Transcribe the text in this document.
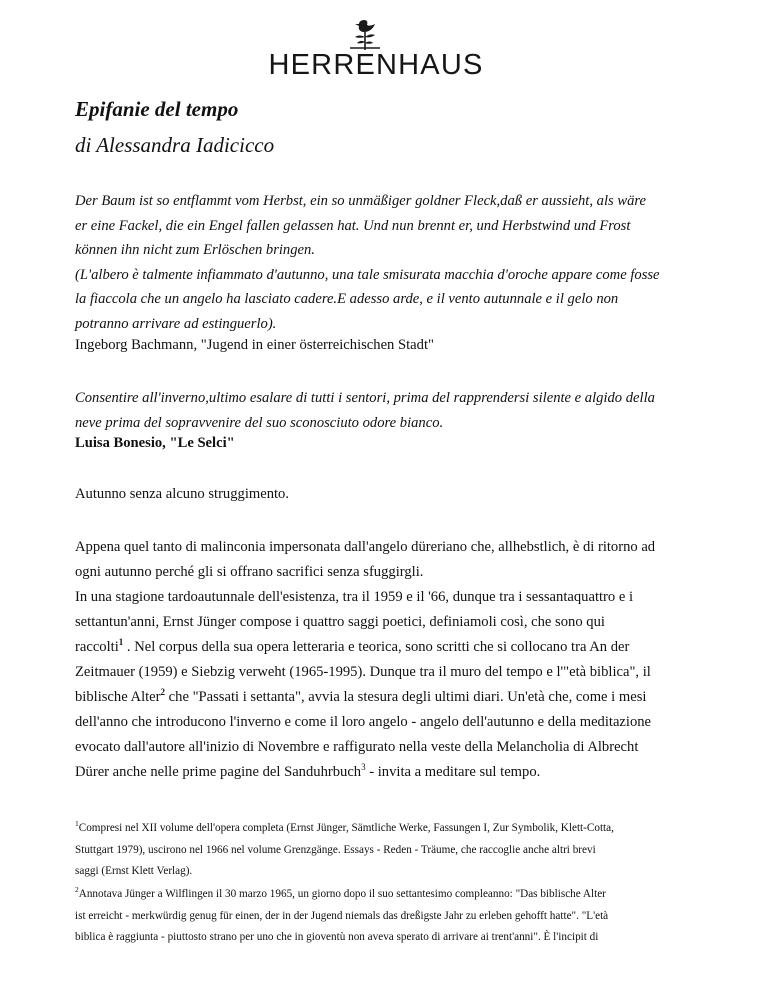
HERRENHAUS
Epifanie del tempo
di Alessandra Iadicicco

Der Baum ist so entflammt vom Herbst, ein so unmäßiger goldner Fleck,daß er aussieht, als wäre

er eine Fackel, die ein Engel fallen gelassen hat. Und nun brennt er, und Herbstwind und Frost

können ihn nicht zum Erlöschen bringen.

(L'albero è talmente infiammato d'autunno, una tale smisurata macchia d'oroche appare come fosse

la fiaccola che un angelo ha lasciato cadere.E adesso arde, e il vento autunnale e il gelo non

potranno arrivare ad estinguerlo).

Ingeborg Bachmann, "Jugend in einer österreichischen Stadt"

Consentire all'inverno,ultimo esalare di tutti i sentori, prima del rapprendersi silente e algido della

neve prima del sopravvenire del suo sconosciuto odore bianco.

Luisa Bonesio, "Le Selci"

Autunno senza alcuno struggimento.

Appena quel tanto di malinconia impersonata dall'angelo düreriano che, allhebstlich, è di ritorno ad

ogni autunno perché gli si offrano sacrifici senza sfuggirgli.

In una stagione tardoautunnale dell'esistenza, tra il 1959 e il '66, dunque tra i sessantaquattro e i

settantun'anni, Ernst Jünger compose i quattro saggi poetici, definiamoli così, che sono qui

raccolti$^1$ . Nel corpus della sua opera letteraria e teorica, sono scritti che si collocano tra An der

Zeitmauer (1959) e Siebzig verweht (1965-1995). Dunque tra il muro del tempo e l'"età biblica", il

biblische Alter$^2$ che "Passati i settanta", avvia la stesura degli ultimi diari. Un'età che, come i mesi

dell'anno che introducono l'inverno e come il loro angelo - angelo dell'autunno e della meditazione

evocato dall'autore all'inizio di Novembre e raffigurato nella veste della Melancholia di Albrecht

Dürer anche nelle prime pagine del Sanduhrbuch$^3$ - invita a meditare sul tempo.

$^1$Compresi nel XII volume dell'opera completa (Ernst Jünger, Sämtliche Werke, Fassungen I, Zur Symbolik, Klett-Cotta,

Stuttgart 1979), uscirono nel 1966 nel volume Grenzgänge. Essays - Reden - Träume, che raccoglie anche altri brevi

saggi (Ernst Klett Verlag).

$^2$Annotava Jünger a Wilflingen il 30 marzo 1965, un giorno dopo il suo settantesimo compleanno: "Das biblische Alter

ist erreicht - merkwürdig genug für einen, der in der Jugend niemals das dreßigste Jahr zu erleben gehofft hatte". "L'età

biblica è raggiunta - piuttosto strano per uno che in gioventù non aveva sperato di arrivare ai trent'anni". È l'incipit di
